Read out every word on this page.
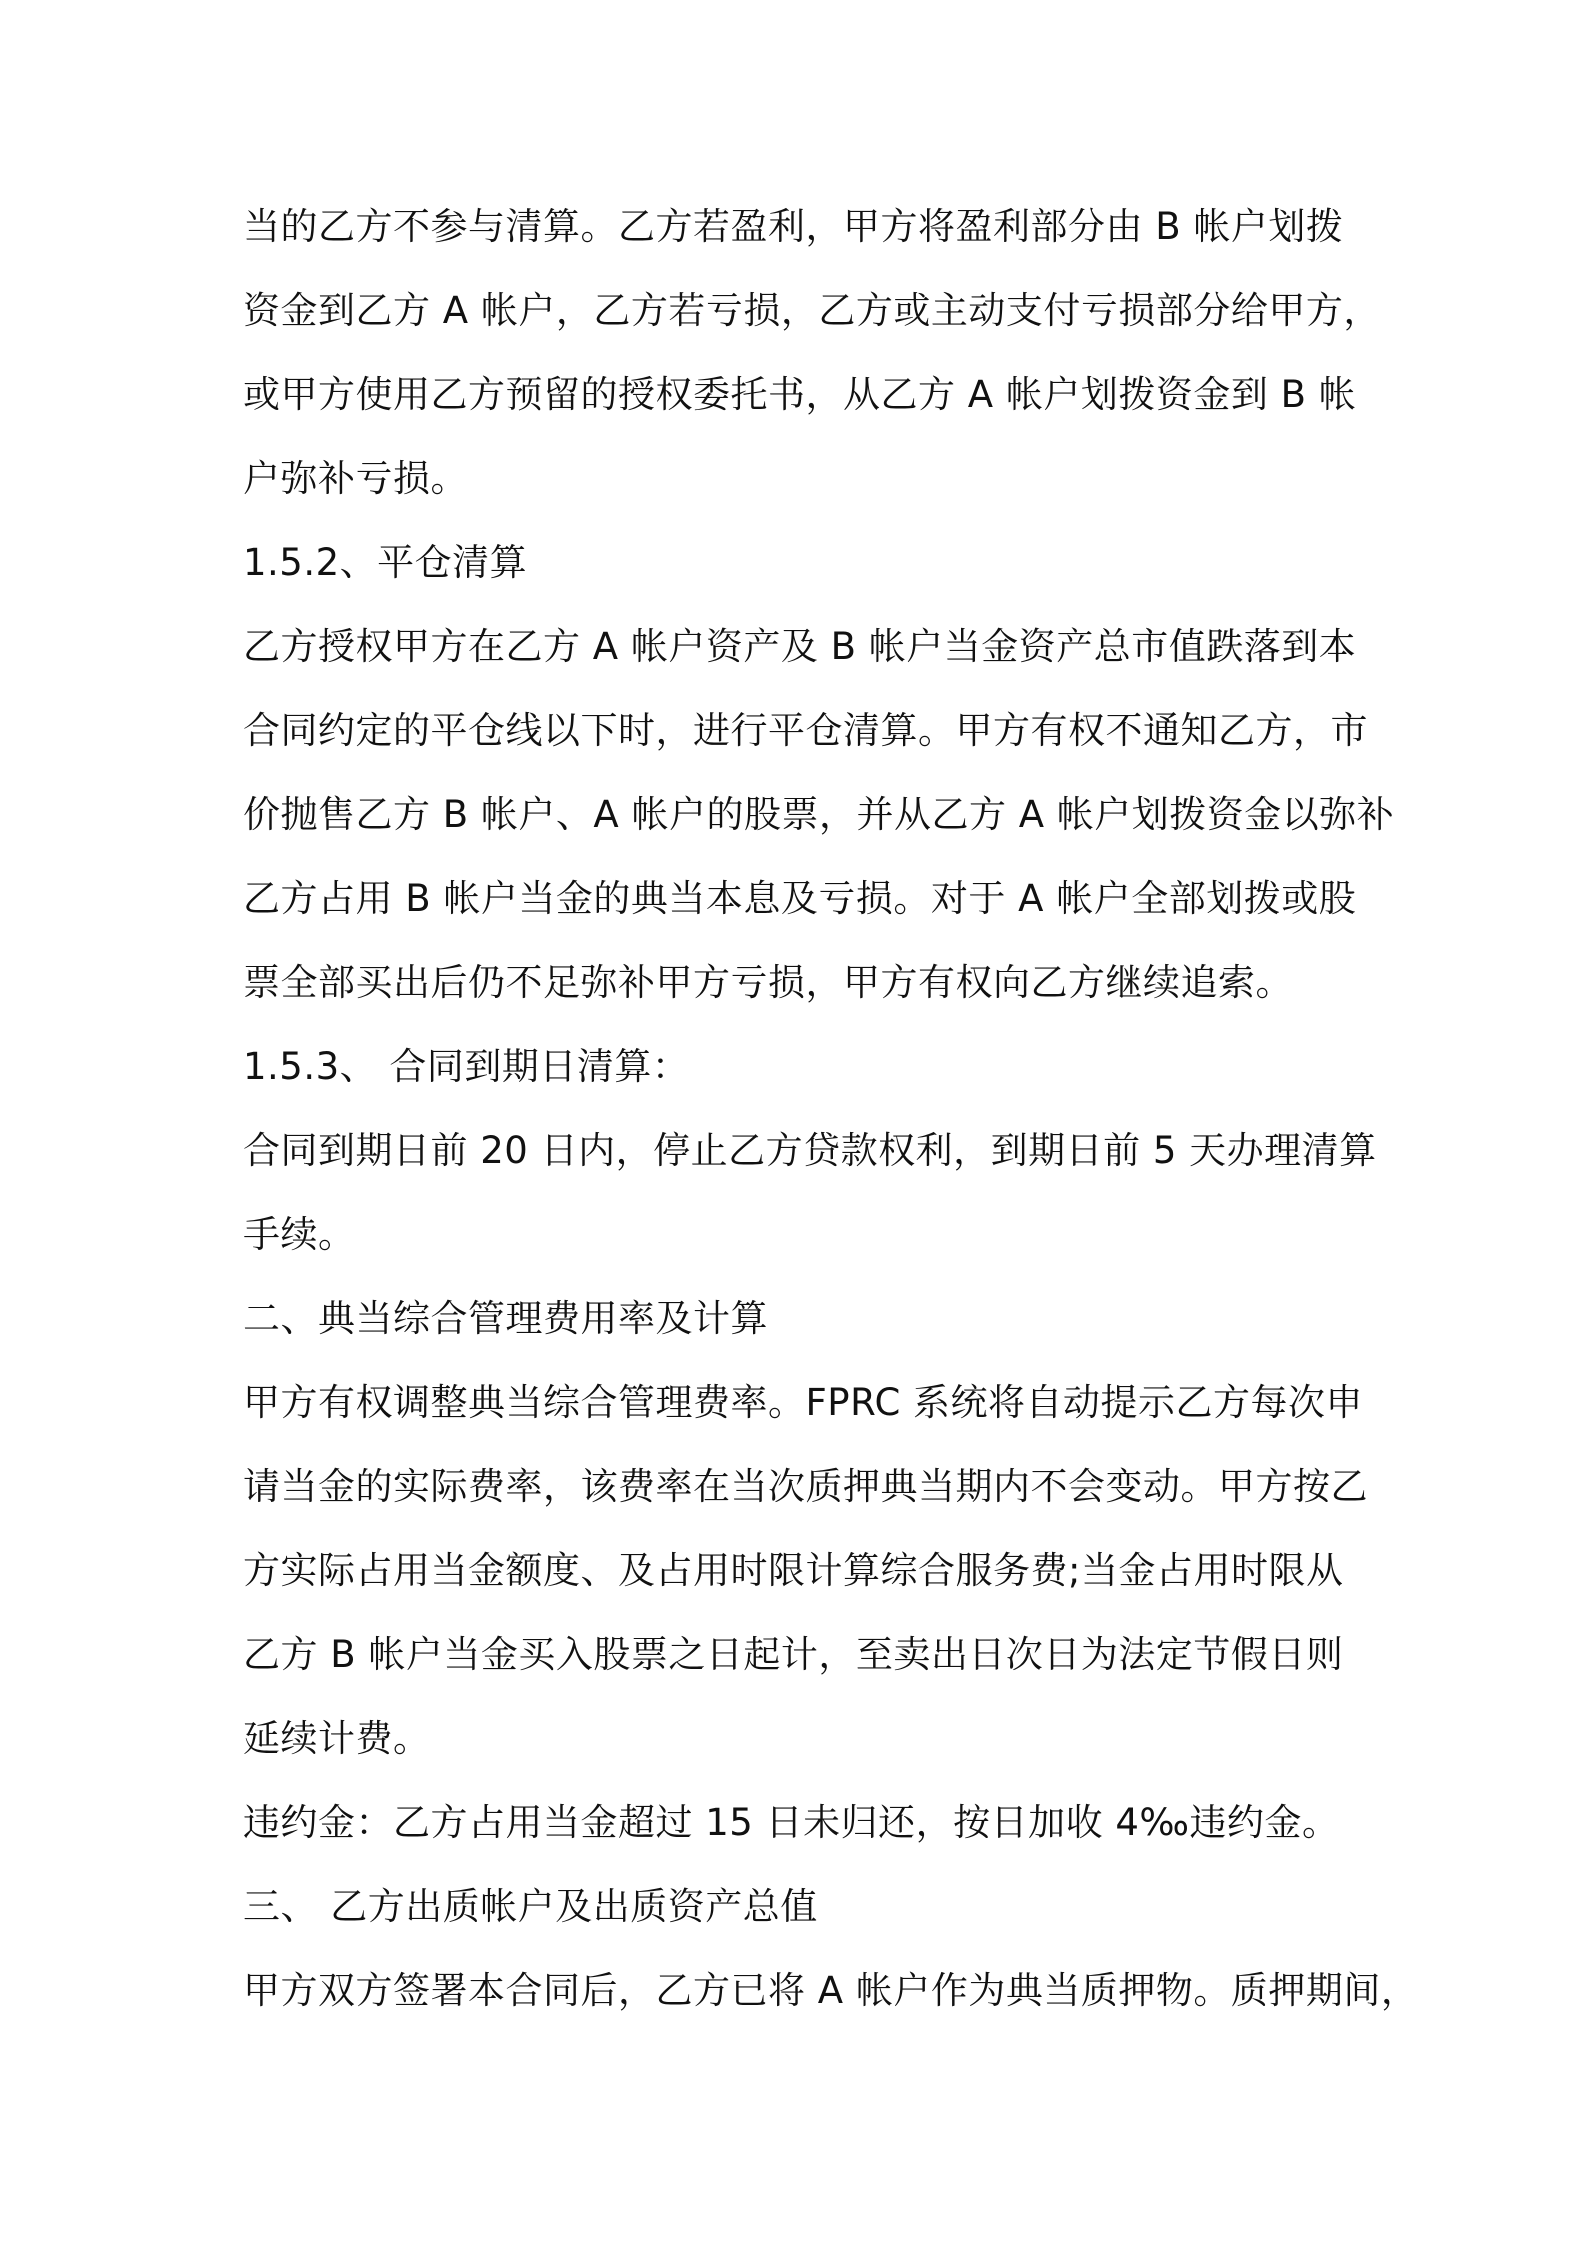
当的乙方不参与清算。乙方若盈利，甲方将盈利部分由 B 帐户划拨
资金到乙方 A 帐户，乙方若亏损，乙方或主动支付亏损部分给甲方，
或甲方使用乙方预留的授权委托书，从乙方 A 帐户划拨资金到 B 帐
户弥补亏损。
1.5.2、平仓清算
乙方授权甲方在乙方 A 帐户资产及 B 帐户当金资产总市值跌落到本
合同约定的平仓线以下时，进行平仓清算。甲方有权不通知乙方，市
价抛售乙方 B 帐户、A 帐户的股票，并从乙方 A 帐户划拨资金以弥补
乙方占用 B 帐户当金的典当本息及亏损。对于 A 帐户全部划拨或股
票全部买出后仍不足弥补甲方亏损，甲方有权向乙方继续追索。
1.5.3、 合同到期日清算：
合同到期日前 20 日内，停止乙方贷款权利，到期日前 5 天办理清算
手续。
二、典当综合管理费用率及计算
甲方有权调整典当综合管理费率。FPRC 系统将自动提示乙方每次申
请当金的实际费率，该费率在当次质押典当期内不会变动。甲方按乙
方实际占用当金额度、及占用时限计算综合服务费;当金占用时限从
乙方 B 帐户当金买入股票之日起计，至卖出日次日为法定节假日则
延续计费。
违约金：乙方占用当金超过 15 日未归还，按日加收 4‰违约金。
三、 乙方出质帐户及出质资产总值
甲方双方签署本合同后，乙方已将 A 帐户作为典当质押物。质押期间，
